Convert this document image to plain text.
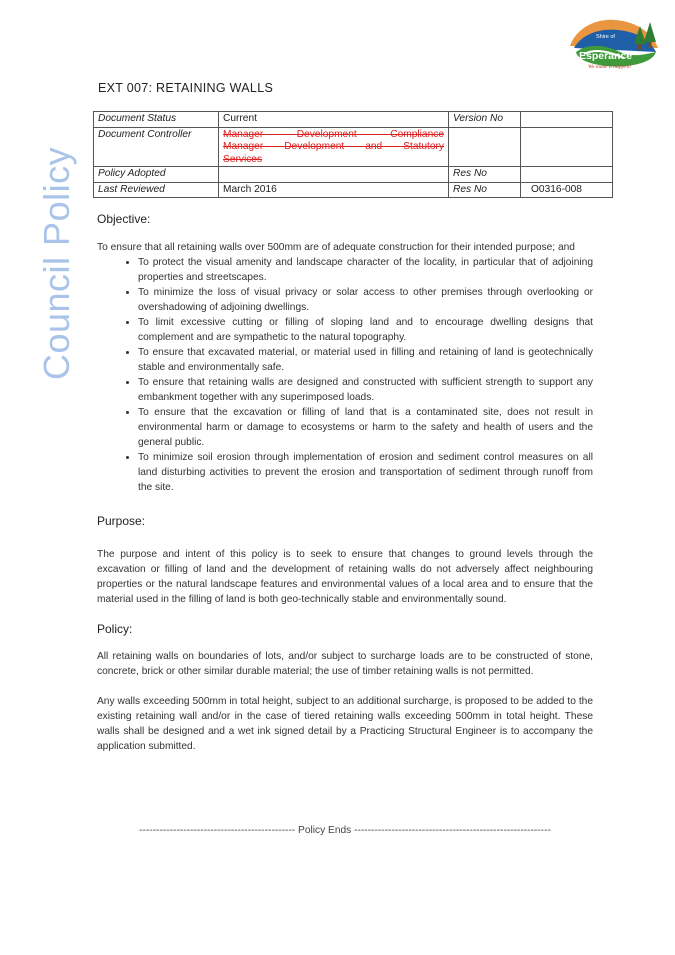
Council Policy
Shire of
Esperance
We make it happen!
EXT 007: RETAINING WALLS
Document Status	Current	Version No	
Document Controller	Manager Development Compliance
Manager Development and Statutory
Services		

Policy Adopted		Res No	
Last Reviewed	March 2016	Res No	O0316-008
Objective:

To ensure that all retaining walls over 500mm are of adequate construction for their intended purpose; and

• To protect the visual amenity and landscape character of the locality, in particular that of adjoining properties and streetscapes.
• To minimize the loss of visual privacy or solar access to other premises through overlooking or overshadowing of adjoining dwellings.
• To limit excessive cutting or filling of sloping land and to encourage dwelling designs that complement and are sympathetic to the natural topography.
• To ensure that excavated material, or material used in filling and retaining of land is geotechnically stable and environmentally safe.
• To ensure that retaining walls are designed and constructed with sufficient strength to support any embankment together with any superimposed loads.
• To ensure that the excavation or filling of land that is a contaminated site, does not result in environmental harm or damage to ecosystems or harm to the safety and health of users and the general public.
• To minimize soil erosion through implementation of erosion and sediment control measures on all land disturbing activities to prevent the erosion and transportation of sediment through runoff from the site.
Purpose:

The purpose and intent of this policy is to seek to ensure that changes to ground levels through the excavation or filling of land and the development of retaining walls do not adversely affect neighbouring properties or the natural landscape features and environmental values of a local area and to ensure that the material used in the filling of land is both geo-technically stable and environmentally sound.

Policy:

All retaining walls on boundaries of lots, and/or subject to surcharge loads are to be constructed of stone, concrete, brick or other similar durable material; the use of timber retaining walls is not permitted.

Any walls exceeding 500mm in total height, subject to an additional surcharge, is proposed to be added to the existing retaining wall and/or in the case of tiered retaining walls exceeding 500mm in total height. These walls shall be designed and a wet ink signed detail by a Practicing Structural Engineer is to accompany the application submitted.

---------------------------------------------- Policy Ends ----------------------------------------------------------
